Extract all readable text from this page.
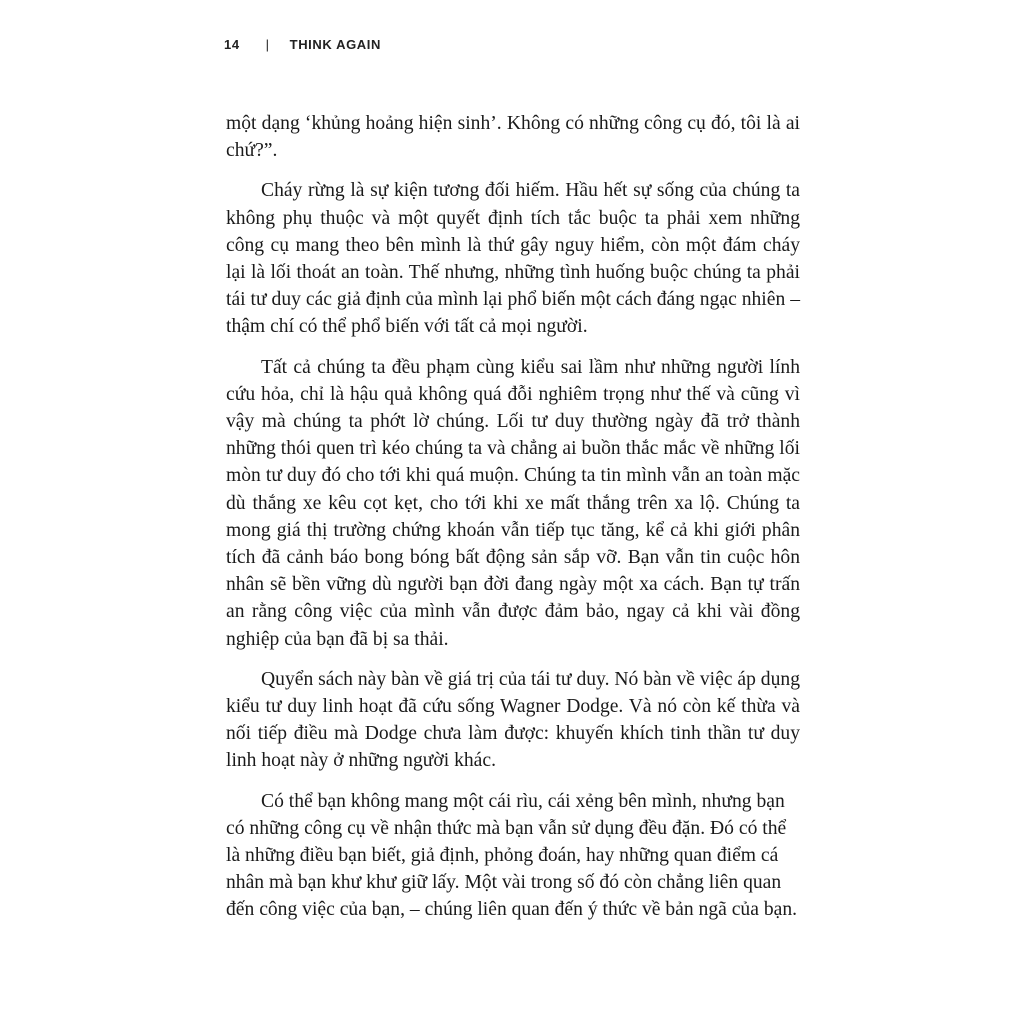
14 | THINK AGAIN

một dạng ‘khủng hoảng hiện sinh’. Không có những công cụ đó, tôi là ai chứ?”.

Cháy rừng là sự kiện tương đối hiếm. Hầu hết sự sống của chúng ta không phụ thuộc và một quyết định tích tắc buộc ta phải xem những công cụ mang theo bên mình là thứ gây nguy hiểm, còn một đám cháy lại là lối thoát an toàn. Thế nhưng, những tình huống buộc chúng ta phải tái tư duy các giả định của mình lại phổ biến một cách đáng ngạc nhiên – thậm chí có thể phổ biến với tất cả mọi người.

Tất cả chúng ta đều phạm cùng kiểu sai lầm như những người lính cứu hỏa, chỉ là hậu quả không quá đỗi nghiêm trọng như thế và cũng vì vậy mà chúng ta phớt lờ chúng. Lối tư duy thường ngày đã trở thành những thói quen trì kéo chúng ta và chẳng ai buồn thắc mắc về những lối mòn tư duy đó cho tới khi quá muộn. Chúng ta tin mình vẫn an toàn mặc dù thắng xe kêu cọt kẹt, cho tới khi xe mất thắng trên xa lộ. Chúng ta mong giá thị trường chứng khoán vẫn tiếp tục tăng, kể cả khi giới phân tích đã cảnh báo bong bóng bất động sản sắp vỡ. Bạn vẫn tin cuộc hôn nhân sẽ bền vững dù người bạn đời đang ngày một xa cách. Bạn tự trấn an rằng công việc của mình vẫn được đảm bảo, ngay cả khi vài đồng nghiệp của bạn đã bị sa thải.

Quyển sách này bàn về giá trị của tái tư duy. Nó bàn về việc áp dụng kiểu tư duy linh hoạt đã cứu sống Wagner Dodge. Và nó còn kế thừa và nối tiếp điều mà Dodge chưa làm được: khuyến khích tinh thần tư duy linh hoạt này ở những người khác.

Có thể bạn không mang một cái rìu, cái xẻng bên mình, nhưng bạn có những công cụ về nhận thức mà bạn vẫn sử dụng đều đặn. Đó có thể là những điều bạn biết, giả định, phỏng đoán, hay những quan điểm cá nhân mà bạn khư khư giữ lấy. Một vài trong số đó còn chẳng liên quan đến công việc của bạn, – chúng liên quan đến ý thức về bản ngã của bạn.
